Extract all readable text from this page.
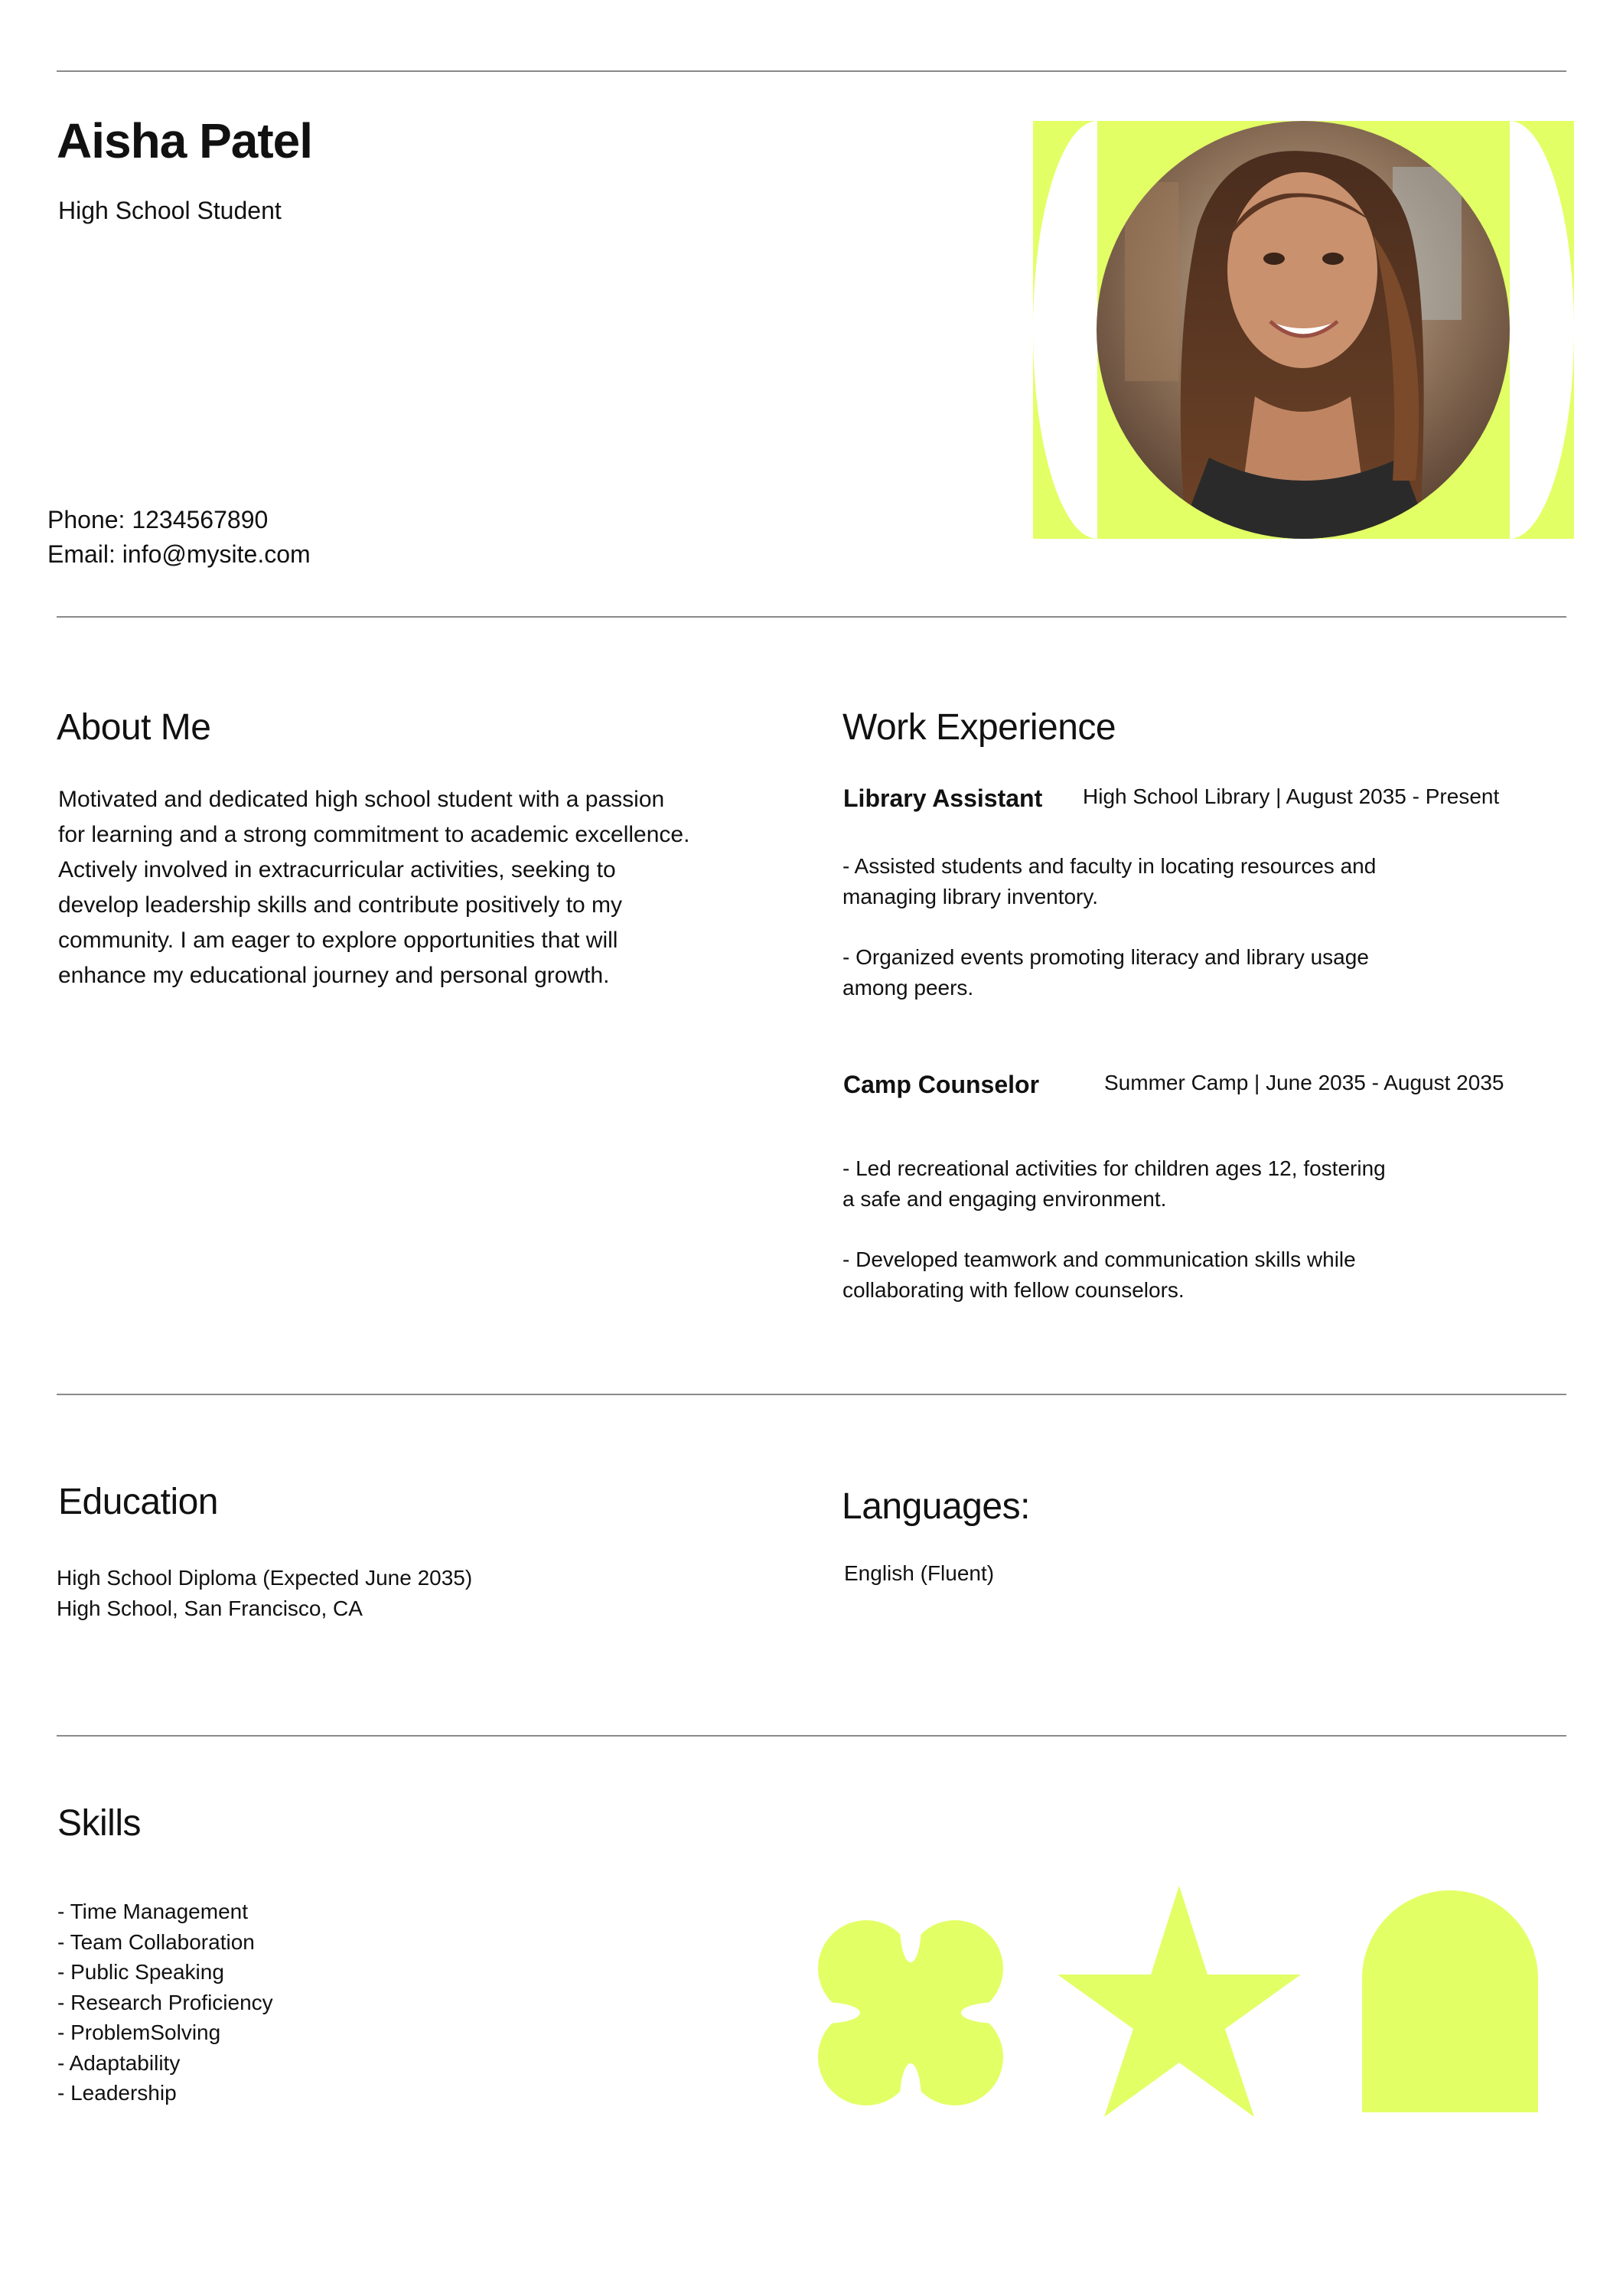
Aisha Patel
High School Student
Phone: 1234567890
Email: info@mysite.com
About Me
Motivated and dedicated high school student with a passion
for learning and a strong commitment to academic excellence.
Actively involved in extracurricular activities, seeking to
develop leadership skills and contribute positively to my
community. I am eager to explore opportunities that will
enhance my educational journey and personal growth.
Work Experience
Library Assistant High School Library | August 2035 - Present
- Assisted students and faculty in locating resources and
managing library inventory.
- Organized events promoting literacy and library usage
among peers.
Camp Counselor	Summer Camp | June 2035 - August 2035
- Led recreational activities for children ages 12, fostering
a safe and engaging environment.
- Developed teamwork and communication skills while
collaborating with fellow counselors.
Education
High School Diploma (Expected June 2035)
High School, San Francisco, CA
Languages:
English (Fluent)
Skills
- Time Management
- Team Collaboration
- Public Speaking
- Research Proficiency
- ProblemSolving
- Adaptability
- Leadership
